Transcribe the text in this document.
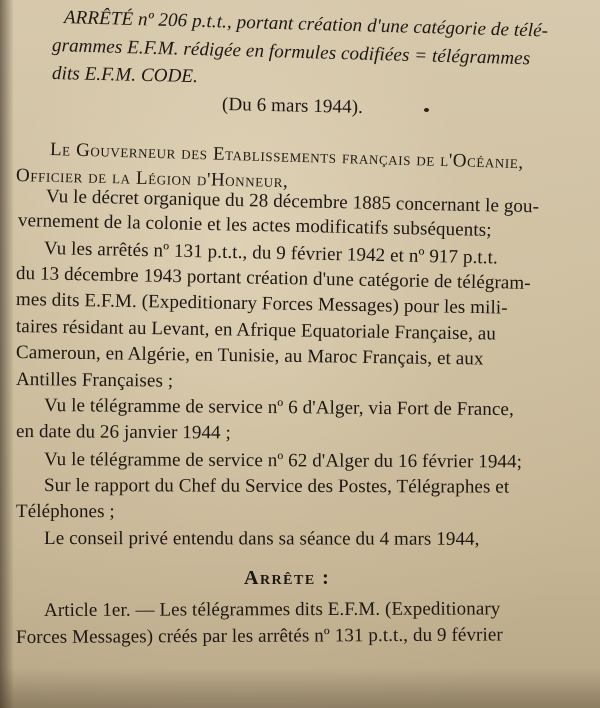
ARRÊTÉ nº 206 p.t.t., portant création d'une catégorie de télé-
grammes E.F.M. rédigée en formules codifiées = télégrammes
dits E.F.M. CODE.
(Du 6 mars 1944).
Le Gouverneur des Etablissements français de l'Océanie,
Officier de la Légion d'Honneur,
Vu le décret organique du 28 décembre 1885 concernant le gou-
vernement de la colonie et les actes modificatifs subséquents;
Vu les arrêtés nº 131 p.t.t., du 9 février 1942 et nº 917 p.t.t.
du 13 décembre 1943 portant création d'une catégorie de télégram-
mes dits E.F.M. (Expeditionary Forces Messages) pour les mili-
taires résidant au Levant, en Afrique Equatoriale Française, au
Cameroun, en Algérie, en Tunisie, au Maroc Français, et aux
Antilles Françaises ;
Vu le télégramme de service nº 6 d'Alger, via Fort de France,
en date du 26 janvier 1944 ;
Vu le télégramme de service nº 62 d'Alger du 16 février 1944;
Sur le rapport du Chef du Service des Postes, Télégraphes et
Téléphones ;
Le conseil privé entendu dans sa séance du 4 mars 1944,
Arrête :
Article 1er. — Les télégrammes dits E.F.M. (Expeditionary
Forces Messages) créés par les arrêtés nº 131 p.t.t., du 9 février
